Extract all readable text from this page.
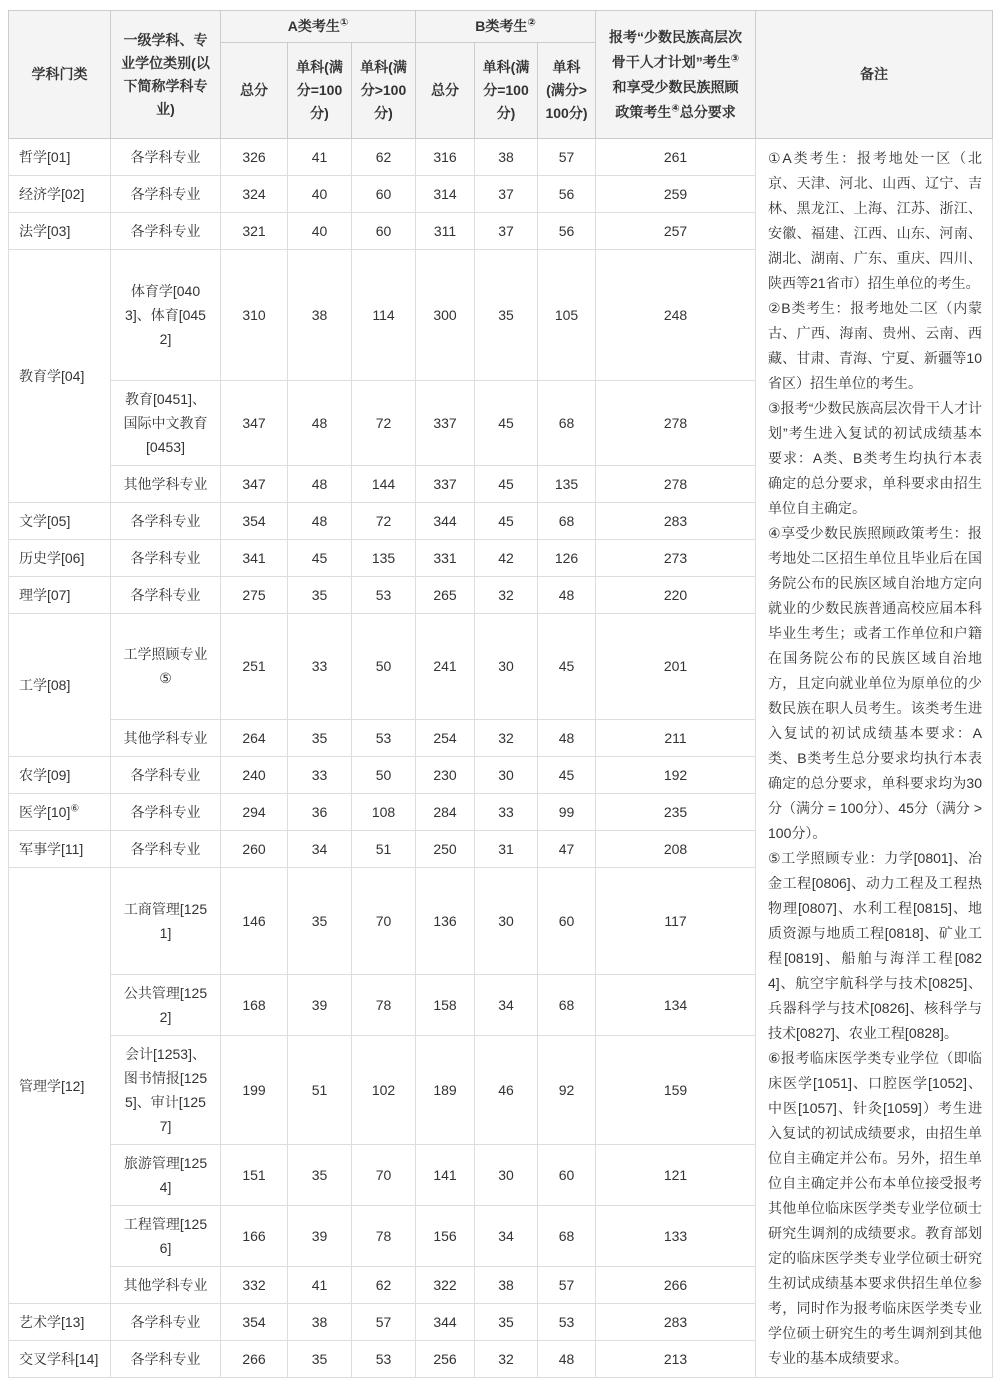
学科门类	一级学科、专业学位类别(以下简称学科专业)	A类考生①			B类考生②			报考“少数民族高层次骨干人才计划”考生③和享受少数民族照顾政策考生④总分要求	备注
		总分	单科(满分=100分)	单科(满分>100分)	总分	单科(满分=100分)	单科(满分>100分)		
哲学[01]	各学科专业	326	41	62	316	38	57	261	①A类考生：报考地处一区（北京、天津、河北、山西、辽宁、吉林、黑龙江、上海、江苏、浙江、安徽、福建、江西、山东、河南、湖北、湖南、广东、重庆、四川、陕西等21省市）招生单位的考生。

②B类考生：报考地处二区（内蒙古、广西、海南、贵州、云南、西藏、甘肃、青海、宁夏、新疆等10省区）招生单位的考生。

③报考“少数民族高层次骨干人才计划”考生进入复试的初试成绩基本要求：A类、B类考生均执行本表确定的总分要求，单科要求由招生单位自主确定。

④享受少数民族照顾政策考生：报考地处二区招生单位且毕业后在国务院公布的民族区域自治地方定向就业的少数民族普通高校应届本科毕业生考生；或者工作单位和户籍在国务院公布的民族区域自治地方，且定向就业单位为原单位的少数民族在职人员考生。该类考生进入复试的初试成绩基本要求：A类、B类考生总分要求均执行本表确定的总分要求，单科要求均为30分（满分 = 100分）、45分（满分 > 100分）。

⑤工学照顾专业：力学[0801]、冶金工程[0806]、动力工程及工程热物理[0807]、水利工程[0815]、地质资源与地质工程[0818]、矿业工程[0819]、船舶与海洋工程[0824]、航空宇航科学与技术[0825]、兵器科学与技术[0826]、核科学与技术[0827]、农业工程[0828]。

⑥报考临床医学类专业学位（即临床医学[1051]、口腔医学[1052]、中医[1057]、针灸[1059]）考生进入复试的初试成绩要求，由招生单位自主确定并公布。另外，招生单位自主确定并公布本单位接受报考其他单位临床医学类专业学位硕士研究生调剂的成绩要求。教育部划定的临床医学类专业学位硕士研究生初试成绩基本要求供招生单位参考，同时作为报考临床医学类专业学位硕士研究生的考生调剂到其他专业的基本成绩要求。

经济学[02]	各学科专业	324	40	60	314	37	56	259	
法学[03]	各学科专业	321	40	60	311	37	56	257	
教育学[04]	体育学[0403]、体育[0452]	310	38	114	300	35	105	248	
	教育[0451]、国际中文教育[0453]	347	48	72	337	45	68	278	
	其他学科专业	347	48	144	337	45	135	278	
文学[05]	各学科专业	354	48	72	344	45	68	283	
历史学[06]	各学科专业	341	45	135	331	42	126	273	
理学[07]	各学科专业	275	35	53	265	32	48	220	
工学[08]	工学照顾专业⑤	251	33	50	241	30	45	201	
	其他学科专业	264	35	53	254	32	48	211	
农学[09]	各学科专业	240	33	50	230	30	45	192	
医学[10]⑥	各学科专业	294	36	108	284	33	99	235	
军事学[11]	各学科专业	260	34	51	250	31	47	208	
管理学[12]	工商管理[1251]	146	35	70	136	30	60	117	
	公共管理[1252]	168	39	78	158	34	68	134	
	会计[1253]、图书情报[1255]、审计[1257]	199	51	102	189	46	92	159	
	旅游管理[1254]	151	35	70	141	30	60	121	
	工程管理[1256]	166	39	78	156	34	68	133	
	其他学科专业	332	41	62	322	38	57	266	
艺术学[13]	各学科专业	354	38	57	344	35	53	283	
交叉学科[14]	各学科专业	266	35	53	256	32	48	213	
